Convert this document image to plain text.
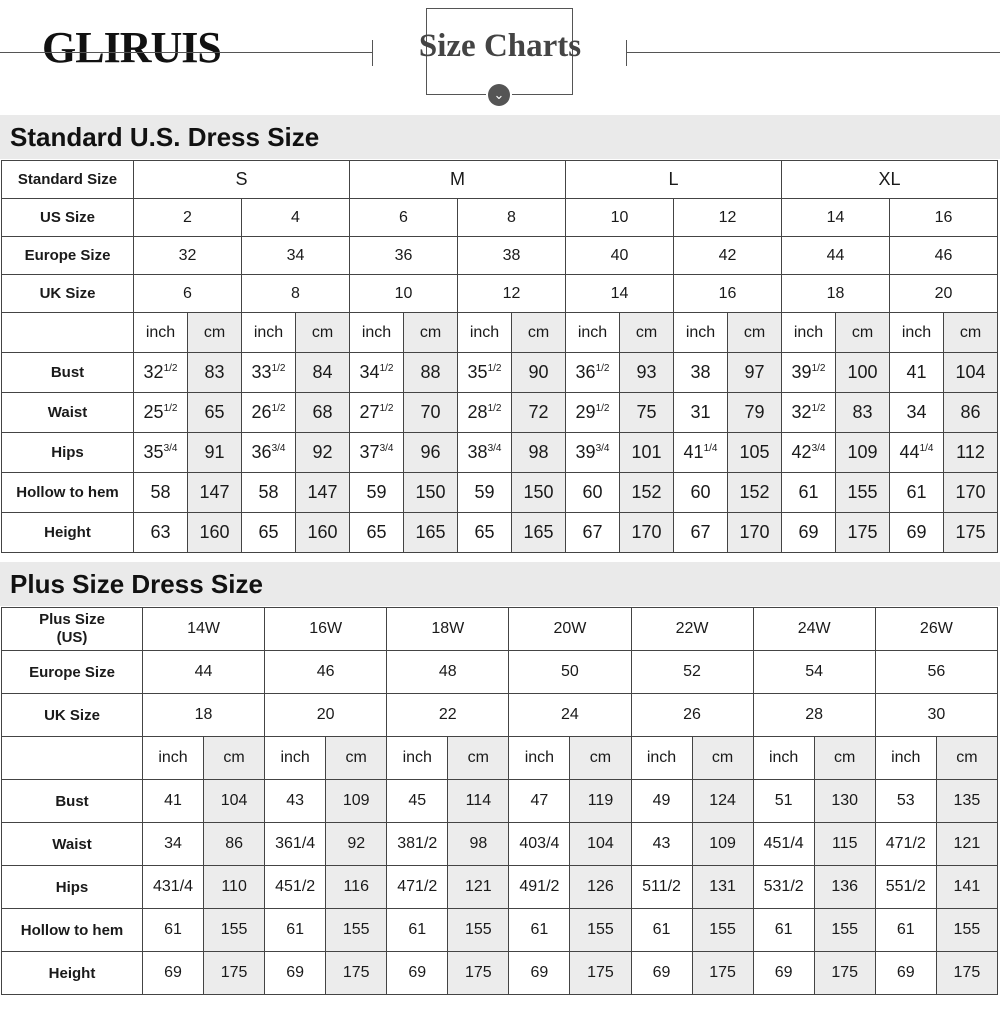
GLIRUIS	Size Charts
⌄
Standard U.S. Dress Size
Standard Size	S				M				L				XL			
US Size	2		4		6		8		10		12		14		16	
Europe Size	32		34		36		38		40		42		44		46	
UK Size	6		8		10		12		14		16		18		20	
	inch	cm	inch	cm	inch	cm	inch	cm	inch	cm	inch	cm	inch	cm	inch	cm
Bust	$32^{1/2}$	83	$33^{1/2}$	84	$34^{1/2}$	88	$35^{1/2}$	90	$36^{1/2}$	93	38	97	$39^{1/2}$	100	41	104
Waist	$25^{1/2}$	65	$26^{1/2}$	68	$27^{1/2}$	70	$28^{1/2}$	72	$29^{1/2}$	75	31	79	$32^{1/2}$	83	34	86
Hips	$35^{3/4}$	91	$36^{3/4}$	92	$37^{3/4}$	96	$38^{3/4}$	98	$39^{3/4}$	101	$41^{1/4}$	105	$42^{3/4}$	109	$44^{1/4}$	112
Hollow to hem	58	147	58	147	59	150	59	150	60	152	60	152	61	155	61	170
Height	63	160	65	160	65	165	65	165	67	170	67	170	69	175	69	175
Plus Size Dress Size
Plus Size
(US)	14W		16W		18W		20W		22W		24W		26W	
Europe Size	44		46		48		50		52		54		56	
UK Size	18		20		22		24		26		28		30	
	inch	cm	inch	cm	inch	cm	inch	cm	inch	cm	inch	cm	inch	cm
Bust	41	104	43	109	45	114	47	119	49	124	51	130	53	135
Waist	34	86	361/4	92	381/2	98	403/4	104	43	109	451/4	115	471/2	121
Hips	431/4	110	451/2	116	471/2	121	491/2	126	511/2	131	531/2	136	551/2	141
Hollow to hem	61	155	61	155	61	155	61	155	61	155	61	155	61	155
Height	69	175	69	175	69	175	69	175	69	175	69	175	69	175
